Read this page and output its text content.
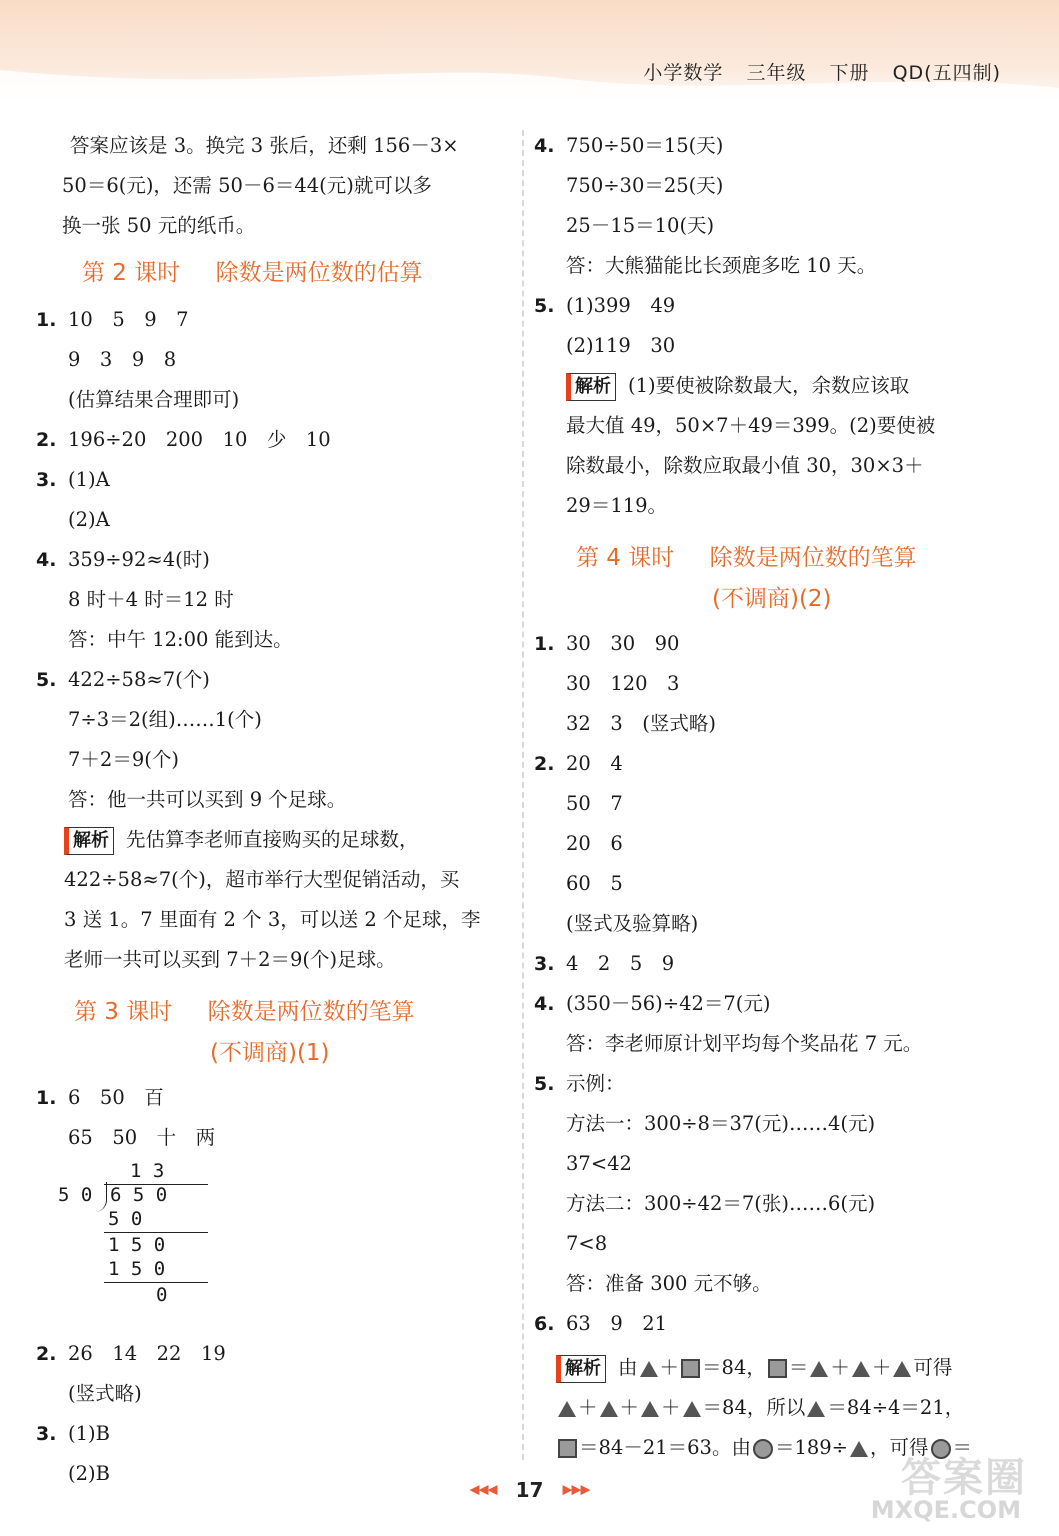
小学数学 三年级 下册 QD(五四制)
答案应该是 3。换完 3 张后，还剩 156－3×
50＝6(元)，还需 50－6＝44(元)就可以多
换一张 50 元的纸币。
第 2 课时 除数是两位数的估算
1. 10　5　9　7
9　3　9　8
(估算结果合理即可)
2. 196÷20　200　10　少　10
3. (1)A
(2)A
4. 359÷92≈4(时)
8 时＋4 时＝12 时
答：中午 12:00 能到达。
5. 422÷58≈7(个)
7÷3＝2(组)……1(个)
7＋2＝9(个)
答：他一共可以买到 9 个足球。
解析 先估算李老师直接购买的足球数，
422÷58≈7(个)，超市举行大型促销活动，买
3 送 1。7 里面有 2 个 3，可以送 2 个足球，李
老师一共可以买到 7＋2＝9(个)足球。
第 3 课时 除数是两位数的笔算
(不调商)(1)
1. 6　50　百
65　50　十　两
1 3
5 0 6 5 0
5 0
1 5 0
1 5 0
0
2. 26　14　22　19
(竖式略)
3. (1)B
(2)B
4. 750÷50＝15(天)
750÷30＝25(天)
25－15＝10(天)
答：大熊猫能比长颈鹿多吃 10 天。
5. (1)399　49
(2)119　30
解析 (1)要使被除数最大，余数应该取
最大值 49，50×7＋49＝399。(2)要使被
除数最小，除数应取最小值 30，30×3＋
29＝119。
第 4 课时 除数是两位数的笔算
(不调商)(2)
1. 30　30　90
30　120　3
32　3　(竖式略)
2. 20　4
50　7
20　6
60　5
(竖式及验算略)
3. 4　2　5　9
4. (350－56)÷42＝7(元)
答：李老师原计划平均每个奖品花 7 元。
5. 示例：
方法一：300÷8＝37(元)……4(元)
37<42
方法二：300÷42＝7(张)……6(元)
7<8
答：准备 300 元不够。
6. 63　9　21
解析 由 ＋ ＝84， ＝ ＋ ＋ 可得
＋ ＋ ＋ ＝84，所以 ＝84÷4＝21，
＝84－21＝63。由 ＝189÷ ，可得 ＝
◀◀◀ 17 ▶▶▶	答案圈
MXQE.COM
